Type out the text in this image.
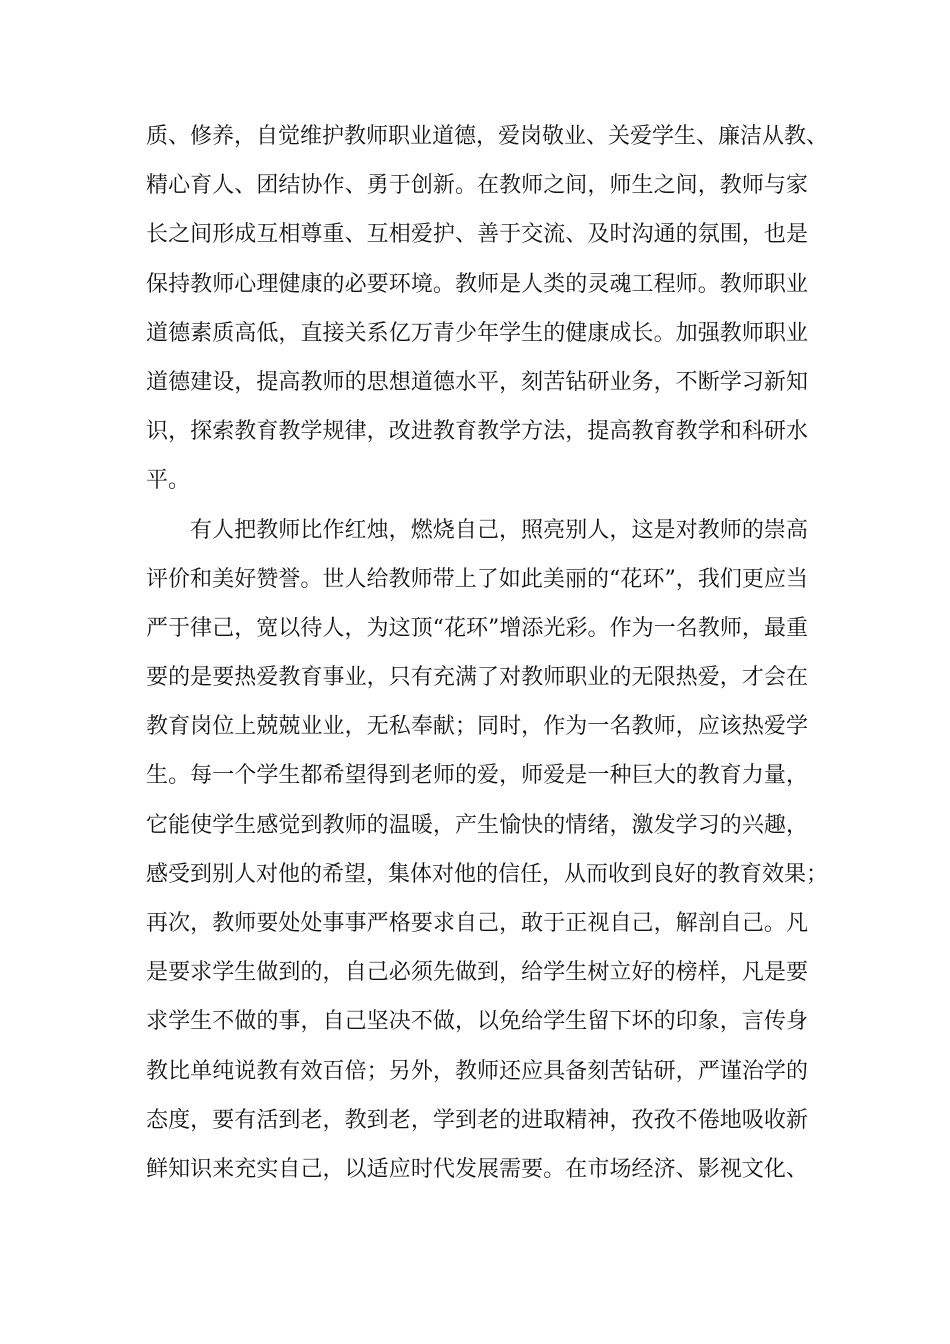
质、修养，自觉维护教师职业道德，爱岗敬业、关爱学生、廉洁从教、
精心育人、团结协作、勇于创新。在教师之间，师生之间，教师与家
长之间形成互相尊重、互相爱护、善于交流、及时沟通的氛围，也是
保持教师心理健康的必要环境。教师是人类的灵魂工程师。教师职业
道德素质高低，直接关系亿万青少年学生的健康成长。加强教师职业
道德建设，提高教师的思想道德水平，刻苦钻研业务，不断学习新知
识，探索教育教学规律，改进教育教学方法，提高教育教学和科研水
平。
有人把教师比作红烛，燃烧自己，照亮别人，这是对教师的崇高
评价和美好赞誉。世人给教师带上了如此美丽的“花环”，我们更应当
严于律己，宽以待人，为这顶“花环”增添光彩。作为一名教师，最重
要的是要热爱教育事业，只有充满了对教师职业的无限热爱，才会在
教育岗位上兢兢业业，无私奉献；同时，作为一名教师，应该热爱学
生。每一个学生都希望得到老师的爱，师爱是一种巨大的教育力量，
它能使学生感觉到教师的温暖，产生愉快的情绪，激发学习的兴趣，
感受到别人对他的希望，集体对他的信任，从而收到良好的教育效果；
再次，教师要处处事事严格要求自己，敢于正视自己，解剖自己。凡
是要求学生做到的，自己必须先做到，给学生树立好的榜样，凡是要
求学生不做的事，自己坚决不做，以免给学生留下坏的印象，言传身
教比单纯说教有效百倍；另外，教师还应具备刻苦钻研，严谨治学的
态度，要有活到老，教到老，学到老的进取精神，孜孜不倦地吸收新
鲜知识来充实自己，以适应时代发展需要。在市场经济、影视文化、
